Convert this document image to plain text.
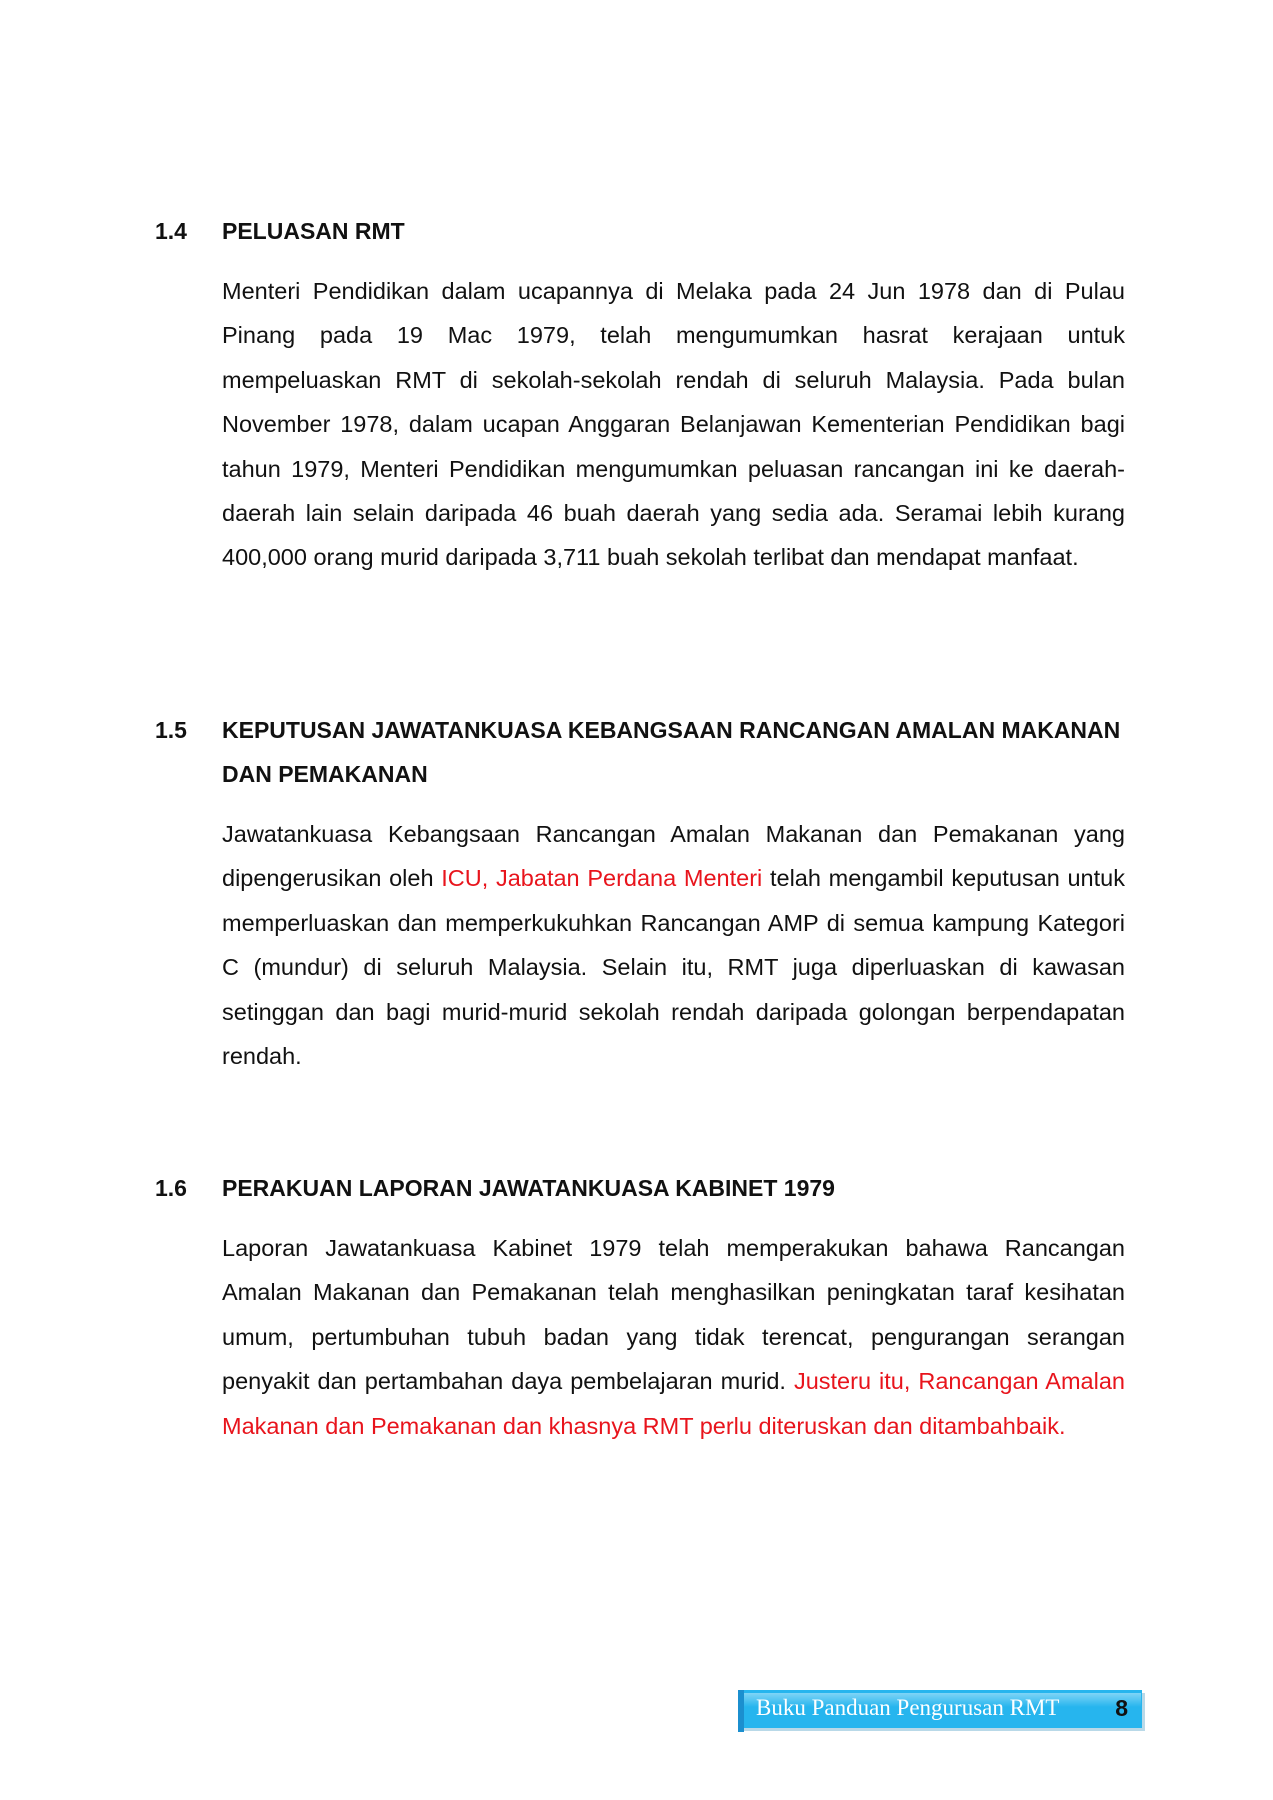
1.4	PELUASAN RMT
Menteri Pendidikan dalam ucapannya di Melaka pada 24 Jun 1978 dan di Pulau Pinang pada 19 Mac 1979, telah mengumumkan hasrat kerajaan untuk mempeluaskan RMT di sekolah-sekolah rendah di seluruh Malaysia. Pada bulan November 1978, dalam ucapan Anggaran Belanjawan Kementerian Pendidikan bagi tahun 1979, Menteri Pendidikan mengumumkan peluasan rancangan ini ke daerah-daerah lain selain daripada 46 buah daerah yang sedia ada. Seramai lebih kurang 400,000 orang murid daripada 3,711 buah sekolah terlibat dan mendapat manfaat.
1.5	KEPUTUSAN JAWATANKUASA KEBANGSAAN RANCANGAN AMALAN MAKANAN DAN PEMAKANAN
Jawatankuasa Kebangsaan Rancangan Amalan Makanan dan Pemakanan yang dipengerusikan oleh ICU, Jabatan Perdana Menteri telah mengambil keputusan untuk memperluaskan dan memperkukuhkan Rancangan AMP di semua kampung Kategori C (mundur) di seluruh Malaysia. Selain itu, RMT juga diperluaskan di kawasan setinggan dan bagi murid-murid sekolah rendah daripada golongan berpendapatan rendah.
1.6	PERAKUAN LAPORAN JAWATANKUASA KABINET 1979
Laporan Jawatankuasa Kabinet 1979 telah memperakukan bahawa Rancangan Amalan Makanan dan Pemakanan telah menghasilkan peningkatan taraf kesihatan umum, pertumbuhan tubuh badan yang tidak terencat, pengurangan serangan penyakit dan pertambahan daya pembelajaran murid. Justeru itu, Rancangan Amalan Makanan dan Pemakanan dan khasnya RMT perlu diteruskan dan ditambahbaik.
Buku Panduan Pengurusan RMT 8
